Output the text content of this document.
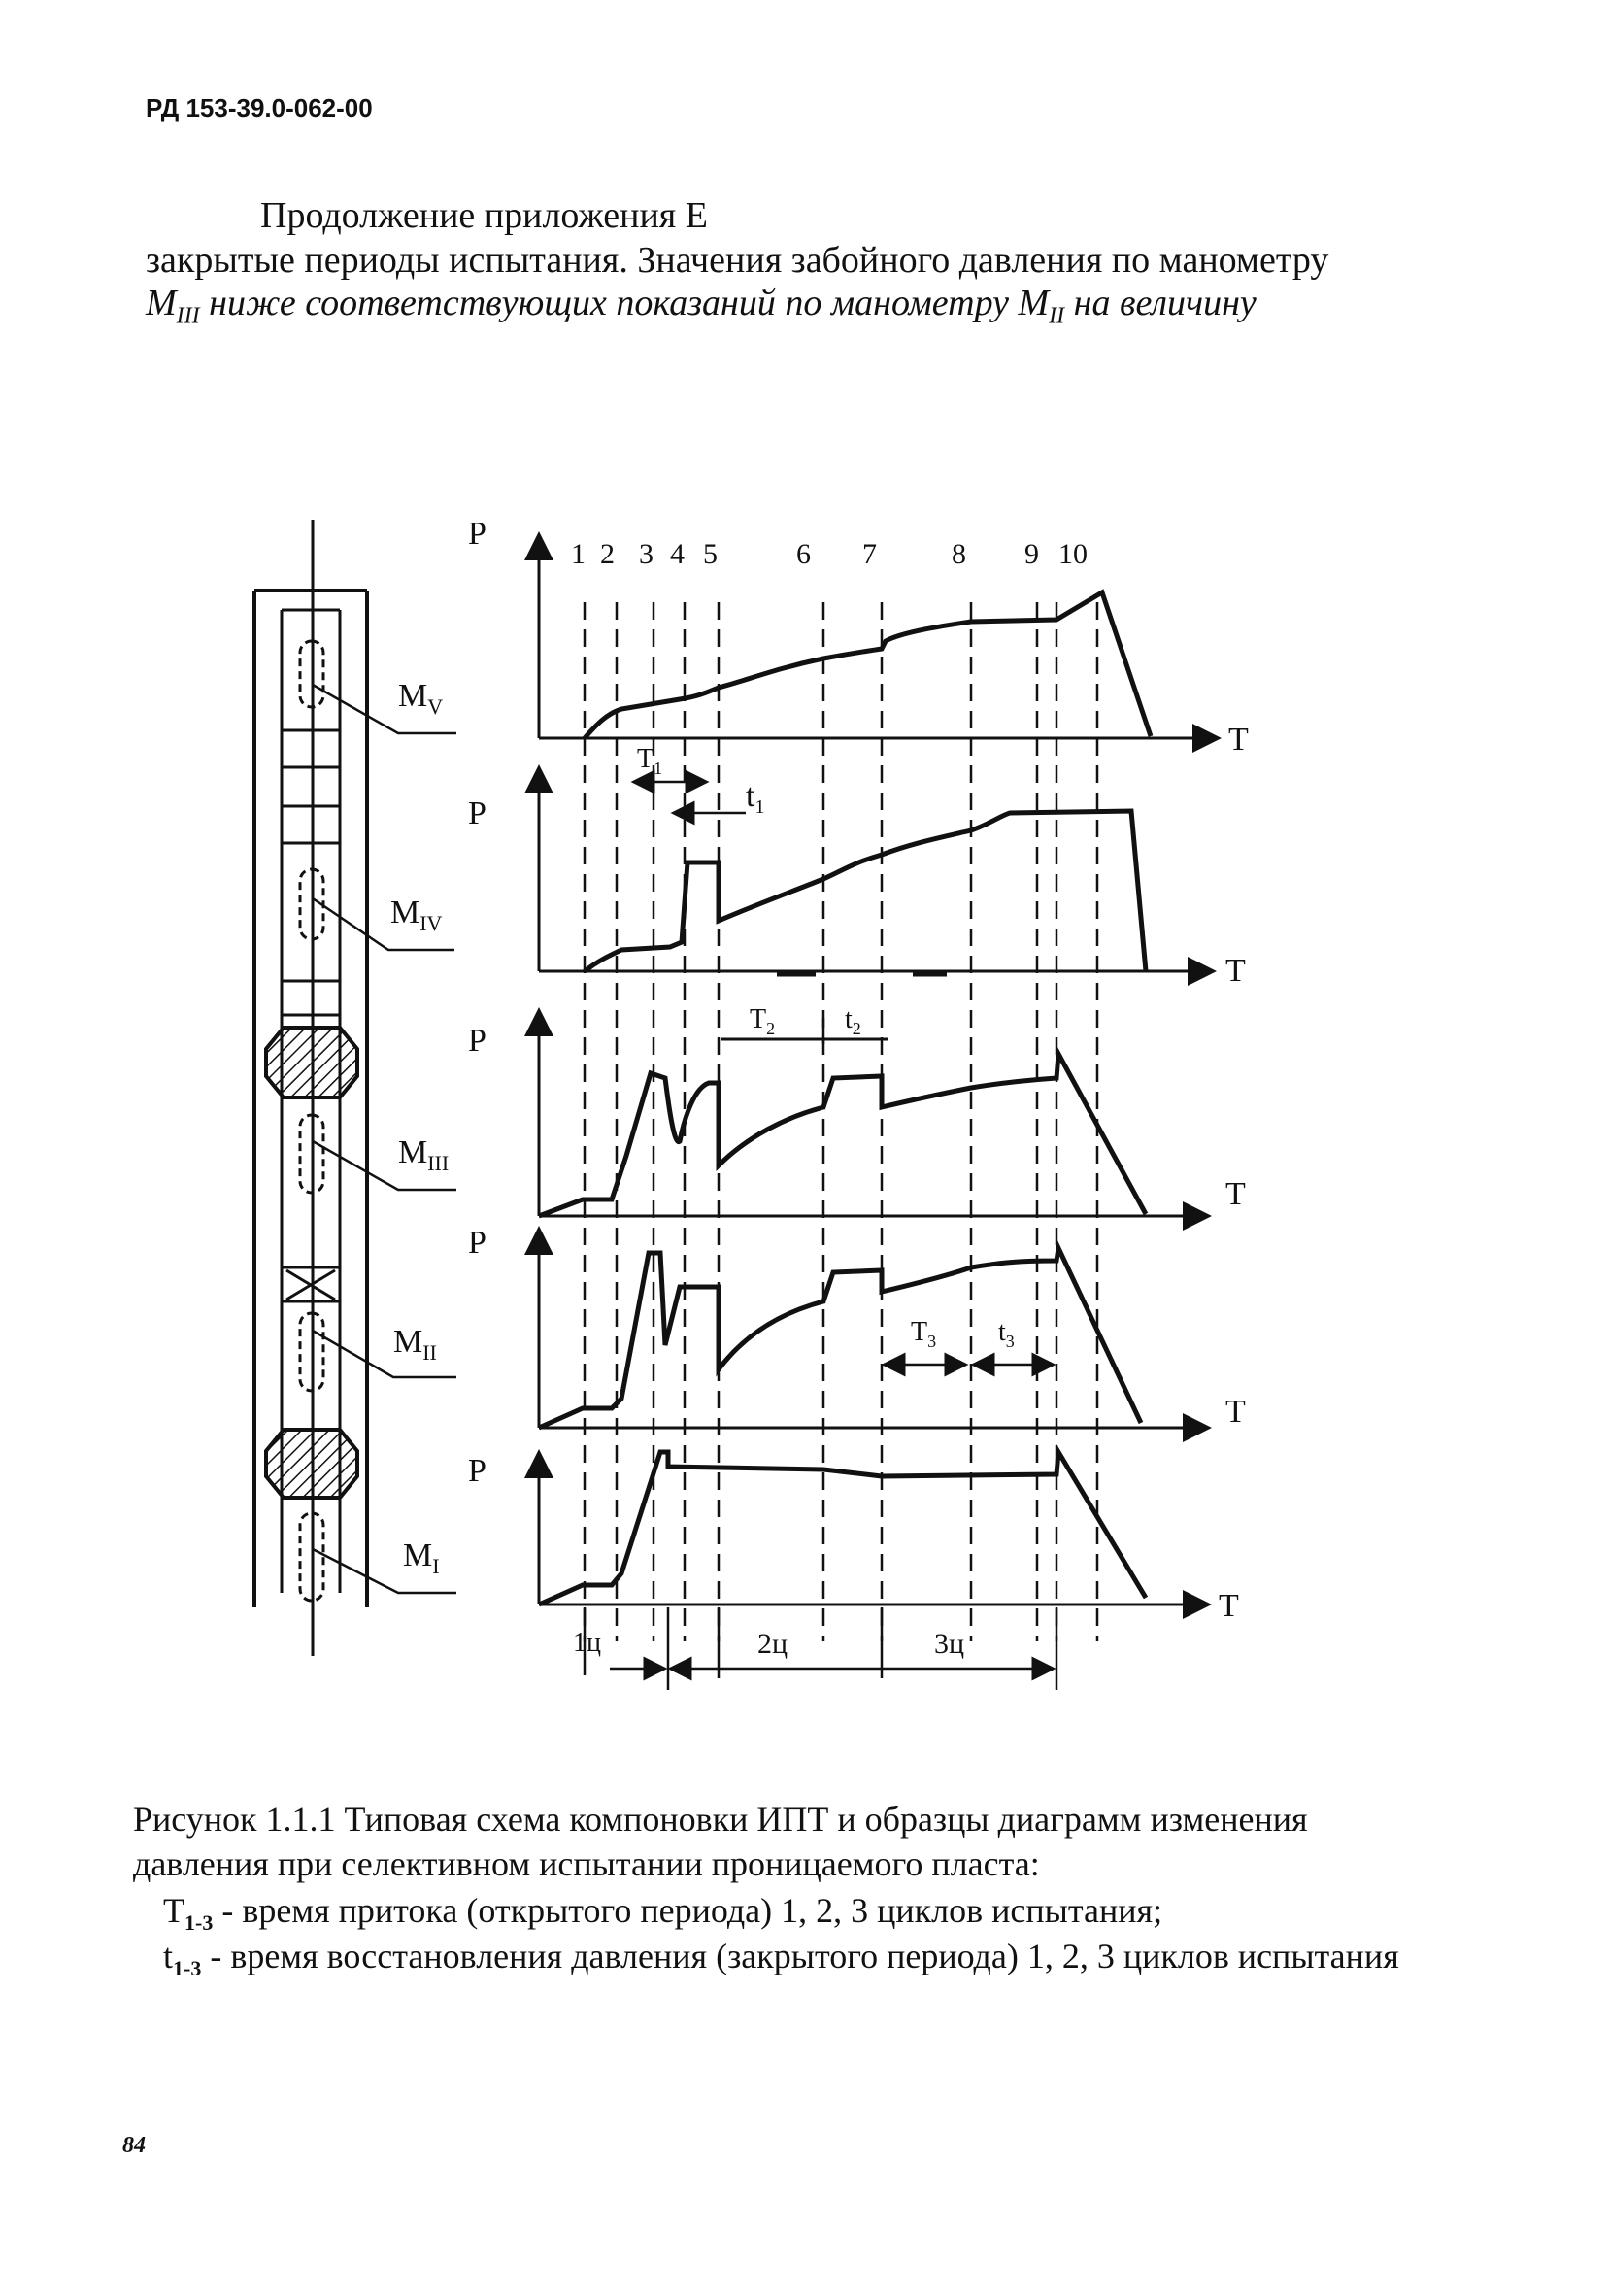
РД 153-39.0-062-00
Продолжение приложения Е
закрытые периоды испытания. Значения забойного давления по манометру
$М_{III}$ ниже соответствующих показаний по манометру $М_{II}$ на величину
$M_V$
$M_{IV}$
$M_{III}$
$M_{II}$
$M_I$
1 2 3 4 5	6 7	8 9 10
P
T
$T_1$
$t_1$
P
T
$T_2$	$t_2$
P
T
P
T
$T_3$ $t_3$
P
T
1ц	2ц	3ц
Рисунок 1.1.1 Типовая схема компоновки ИПТ и образцы диаграмм изменения
давления при селективном испытании проницаемого пласта:
$T_{1-3}$ - время притока (открытого периода) 1, 2, 3 циклов испытания;
$t_{1-3}$ - время восстановления давления (закрытого периода) 1, 2, 3 циклов испытания
84
